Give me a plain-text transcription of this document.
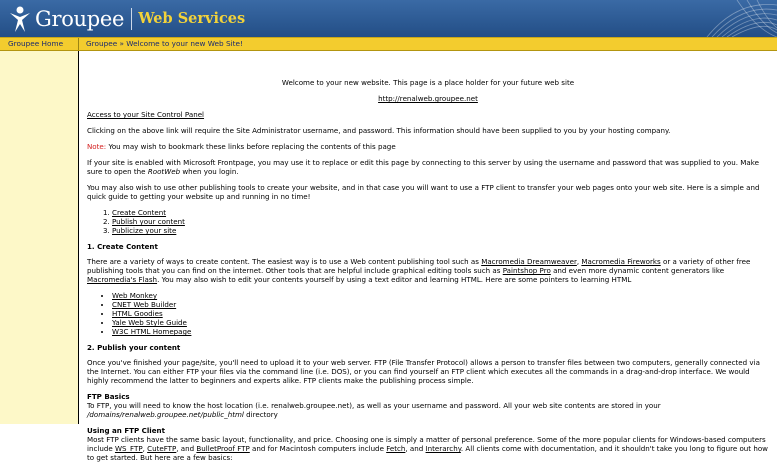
Groupee Web Services
Groupee Home	Groupee » Welcome to your new Web Site!

Welcome to your new website. This page is a place holder for your future web site

http://renalweb.groupee.net

Access to your Site Control Panel

Clicking on the above link will require the Site Administrator username, and password. This information should have been supplied to you by your hosting company.

Note: You may wish to bookmark these links before replacing the contents of this page

If your site is enabled with Microsoft Frontpage, you may use it to replace or edit this page by connecting to this server by using the username and password that was supplied to you. Make sure to open the RootWeb when you login.

You may also wish to use other publishing tools to create your website, and in that case you will want to use a FTP client to transfer your web pages onto your web site. Here is a simple and quick guide to getting your website up and running in no time!

1. Create Content
2. Publish your content
3. Publicize your site
1. Create Content

There are a variety of ways to create content. The easiest way is to use a Web content publishing tool such as Macromedia Dreamweaver, Macromedia Fireworks or a variety of other free publishing tools that you can find on the internet. Other tools that are helpful include graphical editing tools such as Paintshop Pro and even more dynamic content generators like Macromedia's Flash. You may also wish to edit your contents yourself by using a text editor and learning HTML. Here are some pointers to learning HTML

• Web Monkey
• CNET Web Builder
• HTML Goodies
• Yale Web Style Guide
• W3C HTML Homepage
2. Publish your content

Once you've finished your page/site, you'll need to upload it to your web server. FTP (File Transfer Protocol) allows a person to transfer files between two computers, generally connected via the Internet. You can either FTP your files via the command line (i.e. DOS), or you can find yourself an FTP client which executes all the commands in a drag-and-drop interface. We would highly recommend the latter to beginners and experts alike. FTP clients make the publishing process simple.

FTP Basics

To FTP, you will need to know the host location (i.e. renalweb.groupee.net), as well as your username and password. All your web site contents are stored in your /domains/renalweb.groupee.net/public_html directory

Using an FTP Client

Most FTP clients have the same basic layout, functionality, and price. Choosing one is simply a matter of personal preference. Some of the more popular clients for Windows-based computers include WS_FTP, CuteFTP, and BulletProof FTP and for Macintosh computers include Fetch, and Interarchy. All clients come with documentation, and it shouldn't take you long to figure out how to get started. But here are a few basics:
